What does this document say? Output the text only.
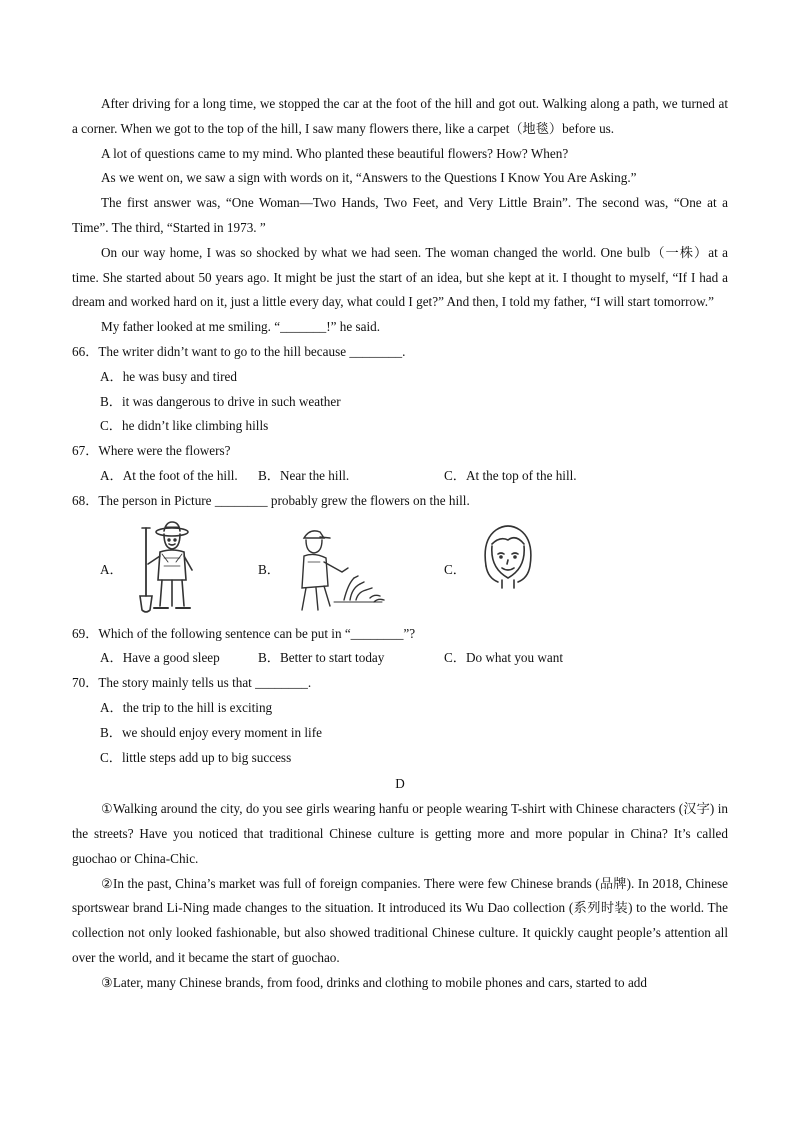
After driving for a long time, we stopped the car at the foot of the hill and got out. Walking along a path, we turned at a corner. When we got to the top of the hill, I saw many flowers there, like a carpet（地毯）before us.

A lot of questions came to my mind. Who planted these beautiful flowers? How? When?

As we went on, we saw a sign with words on it, “Answers to the Questions I Know You Are Asking.”

The first answer was, “One Woman—Two Hands, Two Feet, and Very Little Brain”. The second was, “One at a Time”. The third, “Started in 1973. ”

On our way home, I was so shocked by what we had seen. The woman changed the world. One bulb（一株）at a time. She started about 50 years ago. It might be just the start of an idea, but she kept at it. I thought to myself, “If I had a dream and worked hard on it, just a little every day, what could I get?” And then, I told my father, “I will start tomorrow.”

My father looked at me smiling. “_______!” he said.

66．The writer didn’t want to go to the hill because ________.

A．he was busy and tired

B．it was dangerous to drive in such weather

C．he didn’t like climbing hills

67．Where were the flowers?

A．At the foot of the hill.	B．Near the hill.	C．At the top of the hill.

68．The person in Picture ________ probably grew the flowers on the hill.

A．	B．	C．

69．Which of the following sentence can be put in “________”?

A．Have a good sleep	B．Better to start today	C．Do what you want

70．The story mainly tells us that ________.

A．the trip to the hill is exciting

B．we should enjoy every moment in life

C．little steps add up to big success

D

①Walking around the city, do you see girls wearing hanfu or people wearing T-shirt with Chinese characters (汉字) in the streets? Have you noticed that traditional Chinese culture is getting more and more popular in China? It’s called guochao or China-Chic.

②In the past, China’s market was full of foreign companies. There were few Chinese brands (品牌). In 2018, Chinese sportswear brand Li-Ning made changes to the situation. It introduced its Wu Dao collection (系列时装) to the world. The collection not only looked fashionable, but also showed traditional Chinese culture. It quickly caught people’s attention all over the world, and it became the start of guochao.

③Later, many Chinese brands, from food, drinks and clothing to mobile phones and cars, started to add
